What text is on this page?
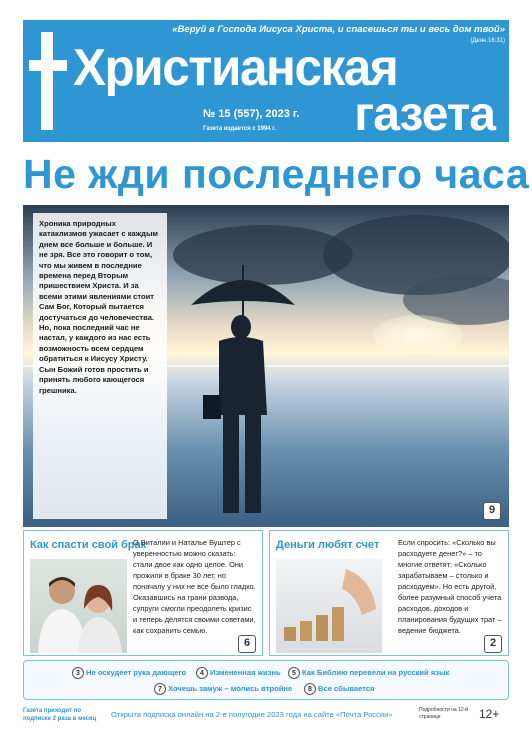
«Веруй в Господа Иисуса Христа, и спасешься ты и весь дом твой»
(Деян.16:31)
Христианская
газета
№ 15 (557), 2023 г.
Газета издается с 1994 г.
Не жди последнего часа
Хроника природных катаклизмов ужасает с каждым днем все больше и больше. И не зря. Все это говорит о том, что мы живем в последние времена перед Вторым пришествием Христа. И за всеми этими явлениями стоит Сам Бог, Который пытается достучаться до человечества. Но, пока последний час не настал, у каждого из нас есть возможность всем сердцем обратиться к Иисусу Христу. Сын Божий готов простить и принять любого кающегося грешника.
9
Как спасти свой брак
О Виталии и Наталье Буштер с уверенностью можно сказать: стали двое как одно целое. Они прожили в браке 30 лет, но поначалу у них не все было гладко. Оказавшись на грани развода, супруги смогли преодолеть кризис и теперь делятся своими советами, как сохранить семью.
6
Деньги любят счет	Если спросить: «Сколько вы расходуете денег?» – то многие ответят: «Сколько зарабатываем – столько и расходуем». Но есть другой, более разумный способ учета расходов, доходов и планирования будущих трат – ведение бюджета.
2
3 Не оскудеет рука дающего	4 Измененная жизнь	5 Как Библию перевели на русский язык
7 Хочешь замуж – молись втройне	8 Все сбывается
Газета приходит по подписке 2 раза в месяц	Открыта подписка онлайн на 2-е полугодие 2023 года на сайте «Почта России»	Подробности на 12-й странице	12+
